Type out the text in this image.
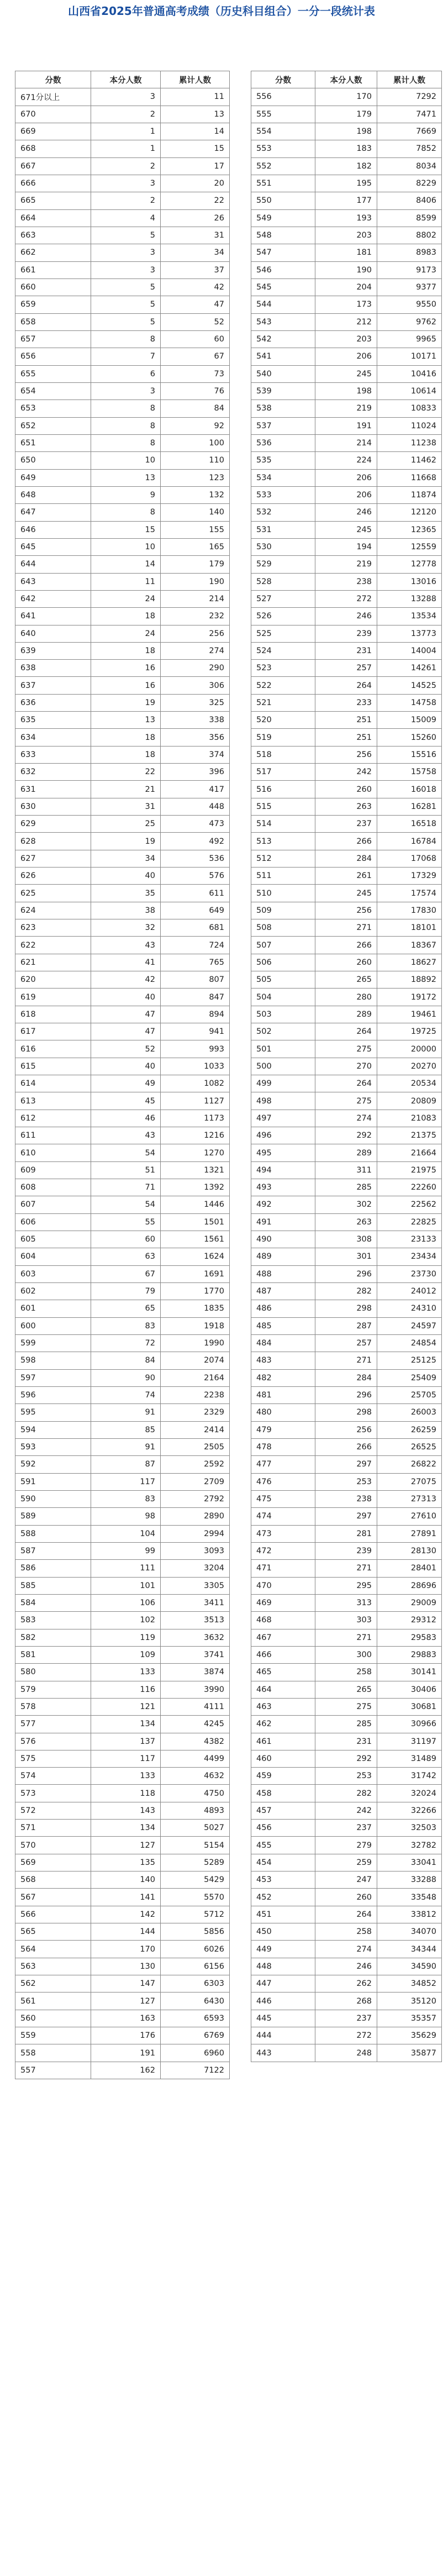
山西省2025年普通高考成绩（历史科目组合）一分一段统计表
分数	本分人数	累计人数
671分以上	3	11
670	2	13
669	1	14
668	1	15
667	2	17
666	3	20
665	2	22
664	4	26
663	5	31
662	3	34
661	3	37
660	5	42
659	5	47
658	5	52
657	8	60
656	7	67
655	6	73
654	3	76
653	8	84
652	8	92
651	8	100
650	10	110
649	13	123
648	9	132
647	8	140
646	15	155
645	10	165
644	14	179
643	11	190
642	24	214
641	18	232
640	24	256
639	18	274
638	16	290
637	16	306
636	19	325
635	13	338
634	18	356
633	18	374
632	22	396
631	21	417
630	31	448
629	25	473
628	19	492
627	34	536
626	40	576
625	35	611
624	38	649
623	32	681
622	43	724
621	41	765
620	42	807
619	40	847
618	47	894
617	47	941
616	52	993
615	40	1033
614	49	1082
613	45	1127
612	46	1173
611	43	1216
610	54	1270
609	51	1321
608	71	1392
607	54	1446
606	55	1501
605	60	1561
604	63	1624
603	67	1691
602	79	1770
601	65	1835
600	83	1918
599	72	1990
598	84	2074
597	90	2164
596	74	2238
595	91	2329
594	85	2414
593	91	2505
592	87	2592
591	117	2709
590	83	2792
589	98	2890
588	104	2994
587	99	3093
586	111	3204
585	101	3305
584	106	3411
583	102	3513
582	119	3632
581	109	3741
580	133	3874
579	116	3990
578	121	4111
577	134	4245
576	137	4382
575	117	4499
574	133	4632
573	118	4750
572	143	4893
571	134	5027
570	127	5154
569	135	5289
568	140	5429
567	141	5570
566	142	5712
565	144	5856
564	170	6026
563	130	6156
562	147	6303
561	127	6430
560	163	6593
559	176	6769
558	191	6960
557	162	7122
分数	本分人数	累计人数
556	170	7292
555	179	7471
554	198	7669
553	183	7852
552	182	8034
551	195	8229
550	177	8406
549	193	8599
548	203	8802
547	181	8983
546	190	9173
545	204	9377
544	173	9550
543	212	9762
542	203	9965
541	206	10171
540	245	10416
539	198	10614
538	219	10833
537	191	11024
536	214	11238
535	224	11462
534	206	11668
533	206	11874
532	246	12120
531	245	12365
530	194	12559
529	219	12778
528	238	13016
527	272	13288
526	246	13534
525	239	13773
524	231	14004
523	257	14261
522	264	14525
521	233	14758
520	251	15009
519	251	15260
518	256	15516
517	242	15758
516	260	16018
515	263	16281
514	237	16518
513	266	16784
512	284	17068
511	261	17329
510	245	17574
509	256	17830
508	271	18101
507	266	18367
506	260	18627
505	265	18892
504	280	19172
503	289	19461
502	264	19725
501	275	20000
500	270	20270
499	264	20534
498	275	20809
497	274	21083
496	292	21375
495	289	21664
494	311	21975
493	285	22260
492	302	22562
491	263	22825
490	308	23133
489	301	23434
488	296	23730
487	282	24012
486	298	24310
485	287	24597
484	257	24854
483	271	25125
482	284	25409
481	296	25705
480	298	26003
479	256	26259
478	266	26525
477	297	26822
476	253	27075
475	238	27313
474	297	27610
473	281	27891
472	239	28130
471	271	28401
470	295	28696
469	313	29009
468	303	29312
467	271	29583
466	300	29883
465	258	30141
464	265	30406
463	275	30681
462	285	30966
461	231	31197
460	292	31489
459	253	31742
458	282	32024
457	242	32266
456	237	32503
455	279	32782
454	259	33041
453	247	33288
452	260	33548
451	264	33812
450	258	34070
449	274	34344
448	246	34590
447	262	34852
446	268	35120
445	237	35357
444	272	35629
443	248	35877
